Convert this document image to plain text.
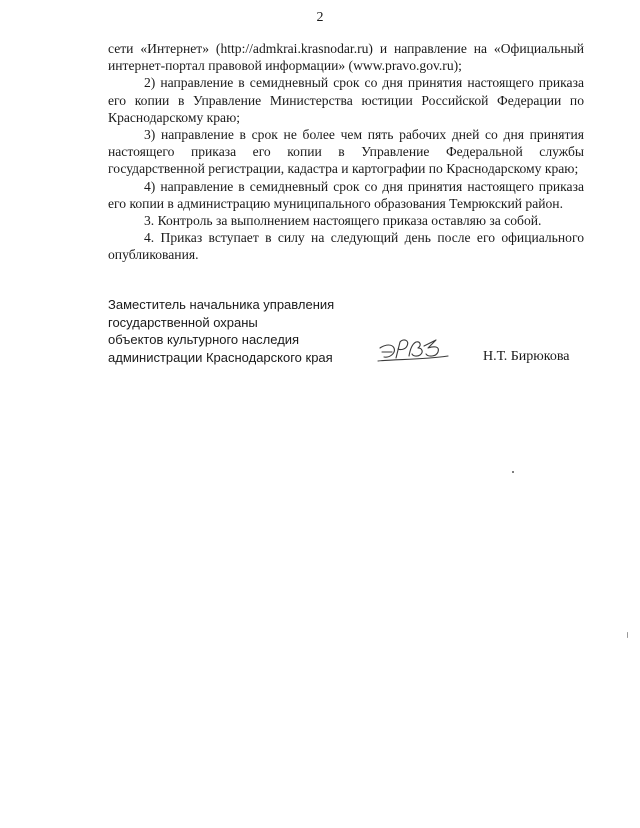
2

сети «Интернет» (http://admkrai.krasnodar.ru) и направление на «Официальный интернет-портал правовой информации» (www.pravo.gov.ru);

2) направление в семидневный срок со дня принятия настоящего приказа его копии в Управление Министерства юстиции Российской Федерации по Краснодарскому краю;

3) направление в срок не более чем пять рабочих дней со дня принятия настоящего приказа его копии в Управление Федеральной службы государственной регистрации, кадастра и картографии по Краснодарскому краю;

4) направление в семидневный срок со дня принятия настоящего приказа его копии в администрацию муниципального образования Темрюкский район.

3. Контроль за выполнением настоящего приказа оставляю за собой.

4. Приказ вступает в силу на следующий день после его официального опубликования.

Заместитель начальника управления
государственной охраны
объектов культурного наследия
администрации Краснодарского края	Н.Т. Бирюкова
